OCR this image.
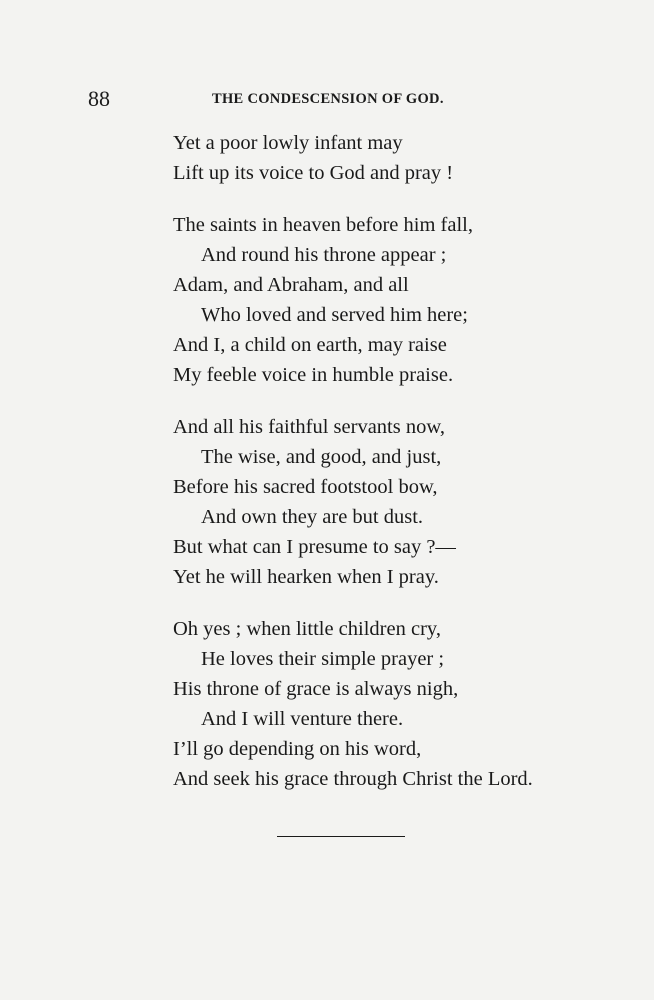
88	THE CONDESCENSION OF GOD.
Yet a poor lowly infant may
Lift up its voice to God and pray !
The saints in heaven before him fall,
And round his throne appear ;
Adam, and Abraham, and all
Who loved and served him here;
And I, a child on earth, may raise
My feeble voice in humble praise.
And all his faithful servants now,
The wise, and good, and just,
Before his sacred footstool bow,
And own they are but dust.
But what can I presume to say ?—
Yet he will hearken when I pray.
Oh yes ; when little children cry,
He loves their simple prayer ;
His throne of grace is always nigh,
And I will venture there.
I’ll go depending on his word,
And seek his grace through Christ the Lord.
